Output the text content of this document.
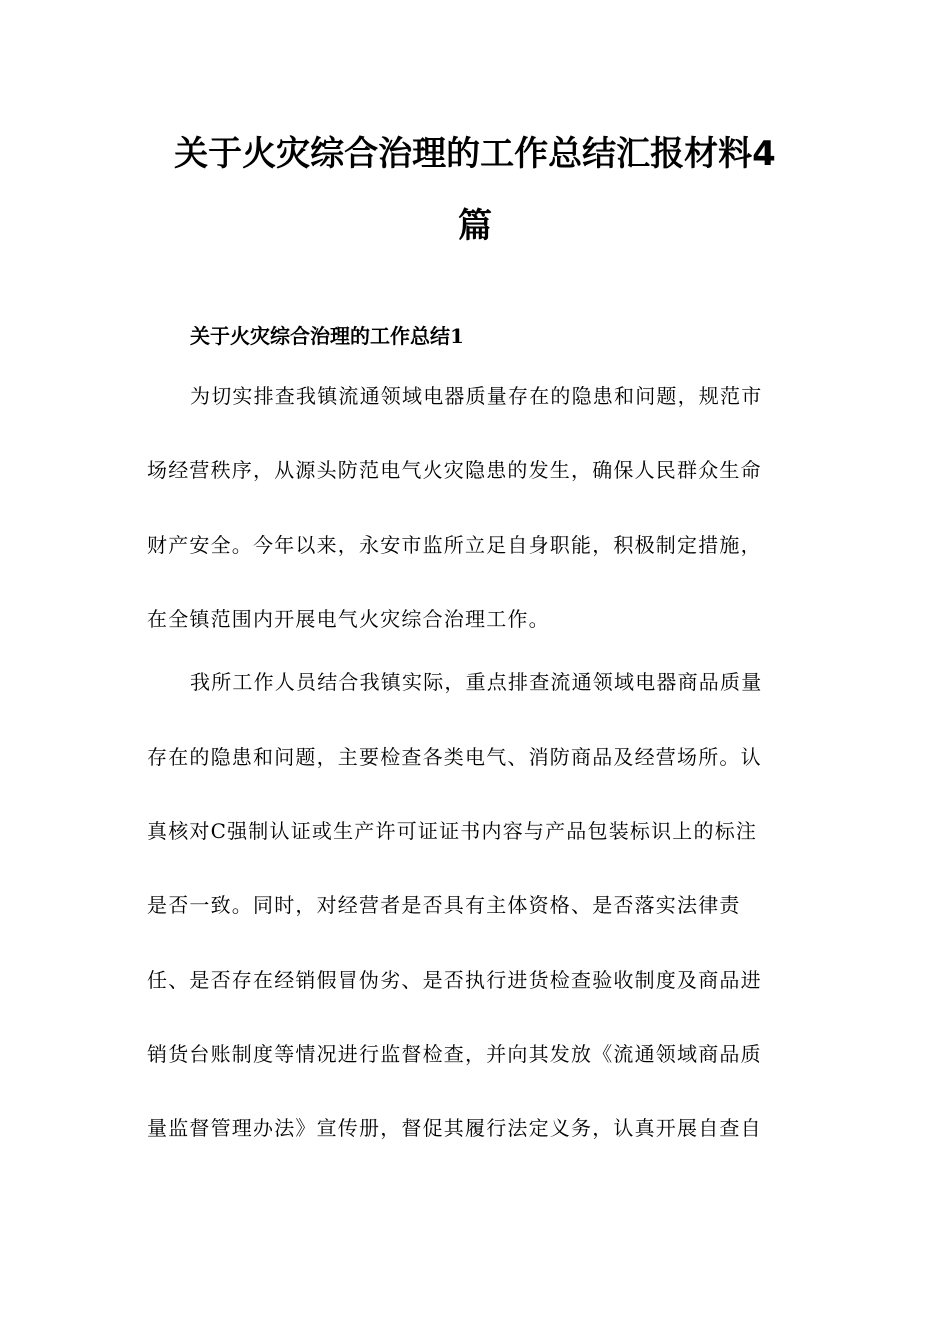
关于火灾综合治理的工作总结汇报材料4
篇

关于火灾综合治理的工作总结1

为切实排查我镇流通领域电器质量存在的隐患和问题，规范市

场经营秩序，从源头防范电气火灾隐患的发生，确保人民群众生命

财产安全。今年以来，永安市监所立足自身职能，积极制定措施，

在全镇范围内开展电气火灾综合治理工作。

我所工作人员结合我镇实际，重点排查流通领域电器商品质量

存在的隐患和问题，主要检查各类电气、消防商品及经营场所。认

真核对C强制认证或生产许可证证书内容与产品包装标识上的标注

是否一致。同时，对经营者是否具有主体资格、是否落实法律责

任、是否存在经销假冒伪劣、是否执行进货检查验收制度及商品进

销货台账制度等情况进行监督检查，并向其发放《流通领域商品质

量监督管理办法》宣传册，督促其履行法定义务，认真开展自查自
